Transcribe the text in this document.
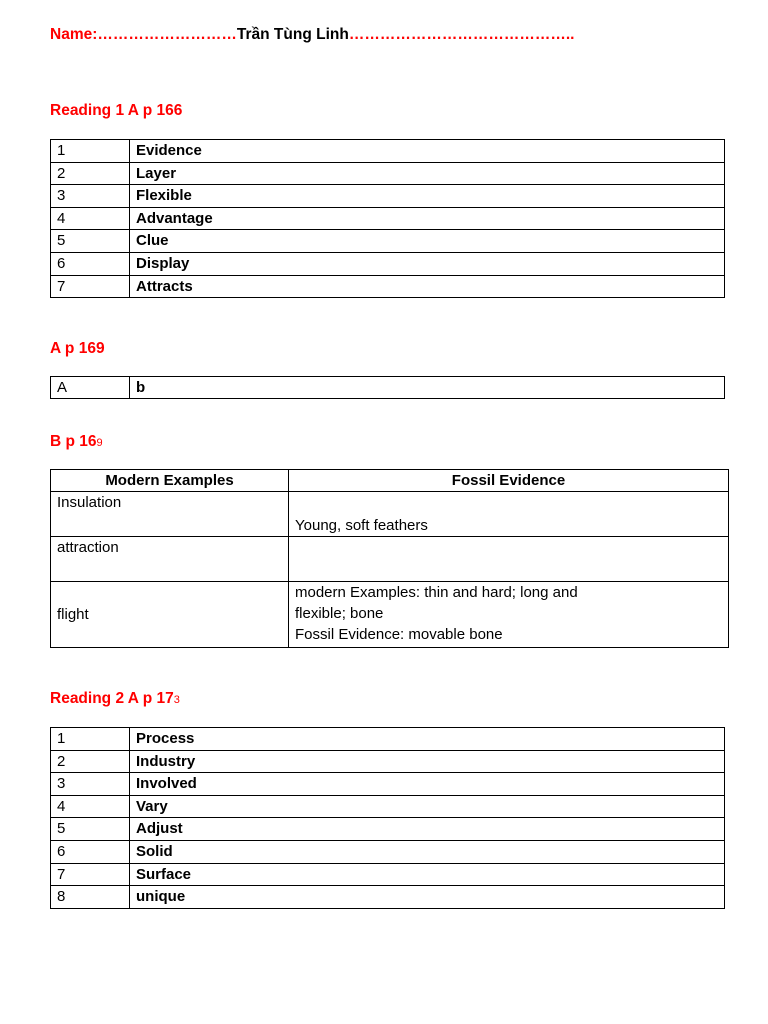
Name:………………………Trần Tùng Linh……………………………………..
Reading 1 A p 166
1	Evidence
2	Layer
3	Flexible
4	Advantage
5	Clue
6	Display
7	Attracts
A p 169
A	b
B p 169
Modern Examples	Fossil Evidence
Insulation	Young, soft feathers
attraction	
flight	modern Examples: thin and hard; long and
flexible; bone
Fossil Evidence: movable bone
Reading 2 A p 173
1	Process
2	Industry
3	Involved
4	Vary
5	Adjust
6	Solid
7	Surface
8	unique
